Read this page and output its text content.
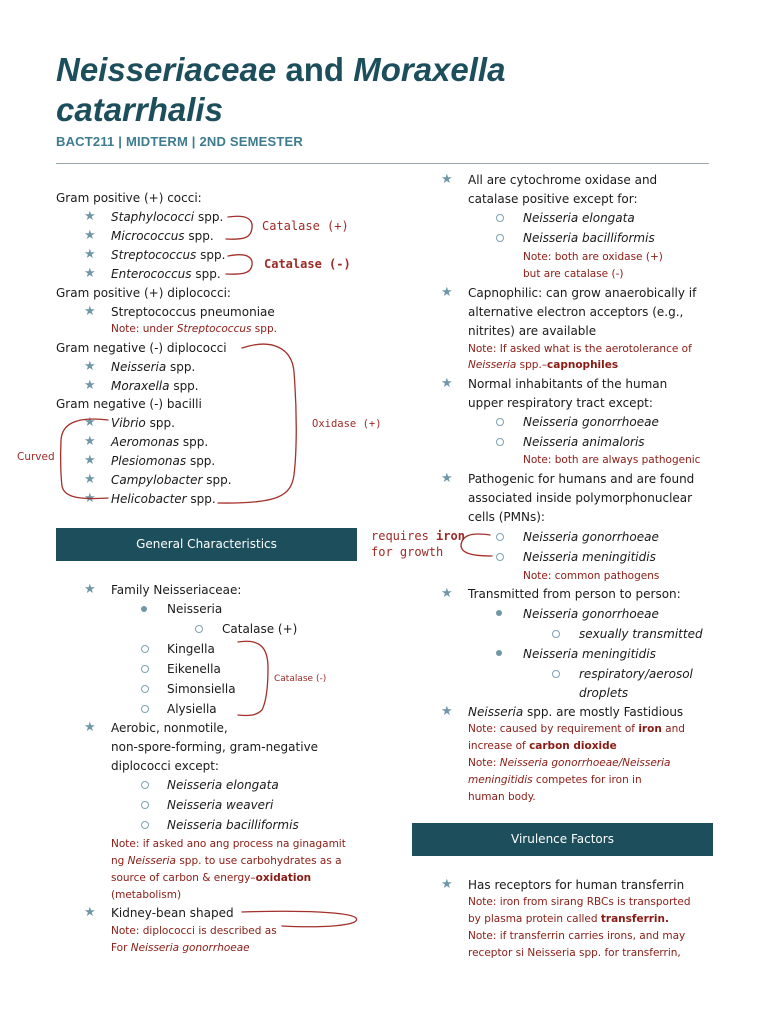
Neisseriaceae and Moraxella
catarrhalis
BACT211 | MIDTERM | 2ND SEMESTER
Gram positive (+) cocci:
★ Staphylococci spp.
★ Micrococcus spp.
★ Streptococcus spp.
★ Enterococcus spp.
Gram positive (+) diplococci:
★ Streptococcus pneumoniae
Note: under Streptococcus spp.
Gram negative (-) diplococci
★ Neisseria spp.
★ Moraxella spp.
Gram negative (-) bacilli
★ Vibrio spp.
★ Aeromonas spp.
★ Plesiomonas spp.
★ Campylobacter spp.
★ Helicobacter spp.
General Characteristics
★ Family Neisseriaceae:
Neisseria
Catalase (+)
Kingella
Eikenella
Simonsiella
Alysiella
★ Aerobic, nonmotile,
non-spore-forming, gram-negative
diplococci except:
Neisseria elongata
Neisseria weaveri
Neisseria bacilliformis
Note: if asked ano ang process na ginagamit
ng Neisseria spp. to use carbohydrates as a
source of carbon & energy–oxidation
(metabolism)
★ Kidney-bean shaped
Note: diplococci is described as
For Neisseria gonorrhoeae
★ All are cytochrome oxidase and
catalase positive except for:
Neisseria elongata
Neisseria bacilliformis
Note: both are oxidase (+)
but are catalase (-)
★ Capnophilic: can grow anaerobically if
alternative electron acceptors (e.g.,
nitrites) are available
Note: If asked what is the aerotolerance of
Neisseria spp.–capnophiles
★ Normal inhabitants of the human
upper respiratory tract except:
Neisseria gonorrhoeae
Neisseria animaloris
Note: both are always pathogenic
★ Pathogenic for humans and are found
associated inside polymorphonuclear
cells (PMNs):
Neisseria gonorrhoeae
Neisseria meningitidis
Note: common pathogens
★ Transmitted from person to person:
Neisseria gonorrhoeae
sexually transmitted
Neisseria meningitidis
respiratory/aerosol
droplets
★ Neisseria spp. are mostly Fastidious
Note: caused by requirement of iron and
increase of carbon dioxide
Note: Neisseria gonorrhoeae/Neisseria
meningitidis competes for iron in
human body.
Virulence Factors
★ Has receptors for human transferrin
Note: iron from sirang RBCs is transported
by plasma protein called transferrin.
Note: if transferrin carries irons, and may
receptor si Neisseria spp. for transferrin,
Catalase (+)
Catalase (-)
Oxidase (+)
Curved
Catalase (-)
requires iron
for growth
